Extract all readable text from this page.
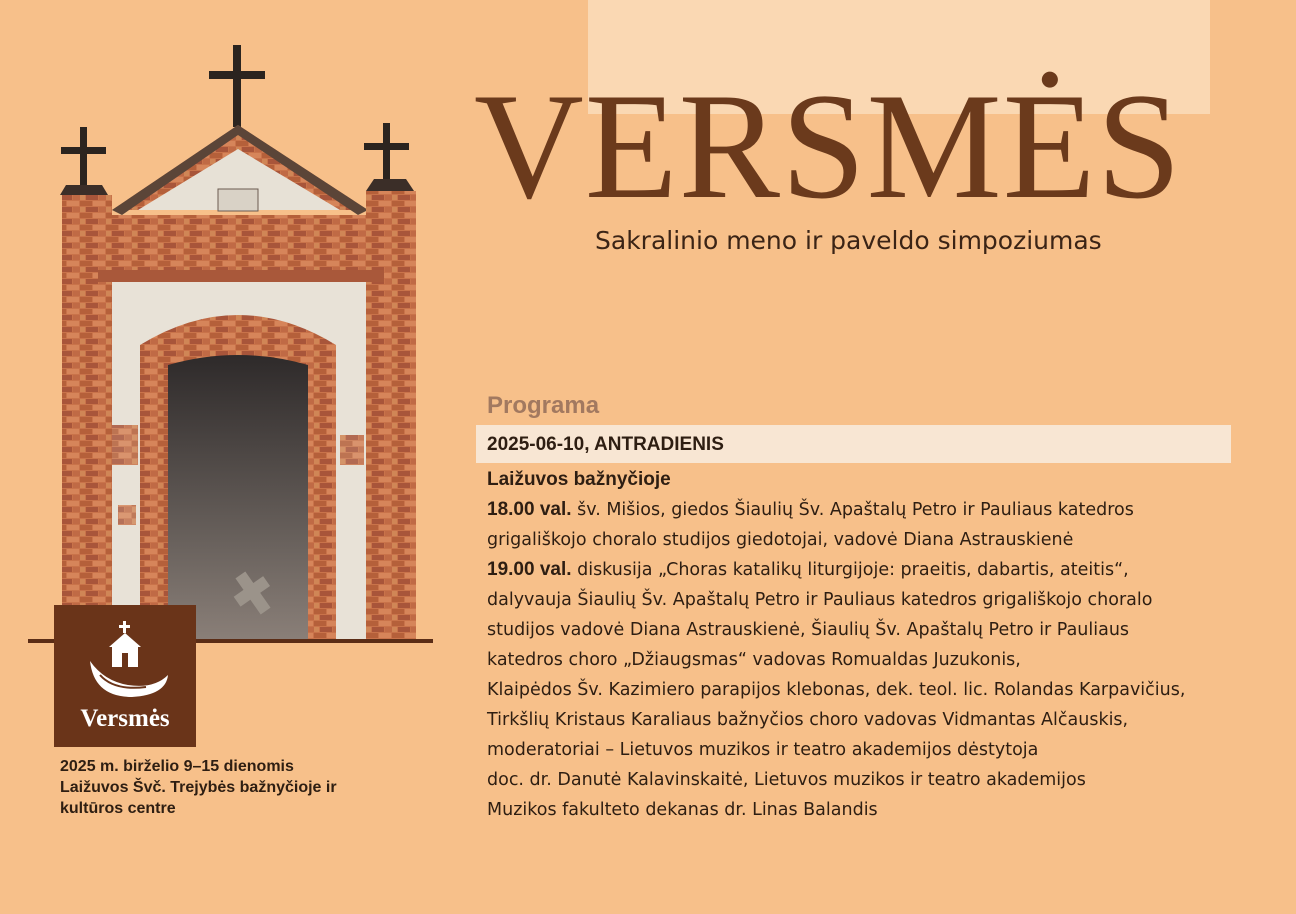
VERSMĖS
Sakralinio meno ir paveldo simpoziumas
Versmės
2025 m. birželio 9–15 dienomis
Laižuvos Švč. Trejybės bažnyčioje ir
kultūros centre
Programa
2025-06-10, ANTRADIENIS
Laižuvos bažnyčioje
18.00 val. šv. Mišios, giedos Šiaulių Šv. Apaštalų Petro ir Pauliaus katedros
grigališkojo choralo studijos giedotojai, vadovė Diana Astrauskienė
19.00 val. diskusija „Choras katalikų liturgijoje: praeitis, dabartis, ateitis“,
dalyvauja Šiaulių Šv. Apaštalų Petro ir Pauliaus katedros grigališkojo choralo
studijos vadovė Diana Astrauskienė, Šiaulių Šv. Apaštalų Petro ir Pauliaus
katedros choro „Džiaugsmas“ vadovas Romualdas Juzukonis,
Klaipėdos Šv. Kazimiero parapijos klebonas, dek. teol. lic. Rolandas Karpavičius,
Tirkšlių Kristaus Karaliaus bažnyčios choro vadovas Vidmantas Alčauskis,
moderatoriai – Lietuvos muzikos ir teatro akademijos dėstytoja
doc. dr. Danutė Kalavinskaitė, Lietuvos muzikos ir teatro akademijos
Muzikos fakulteto dekanas dr. Linas Balandis
